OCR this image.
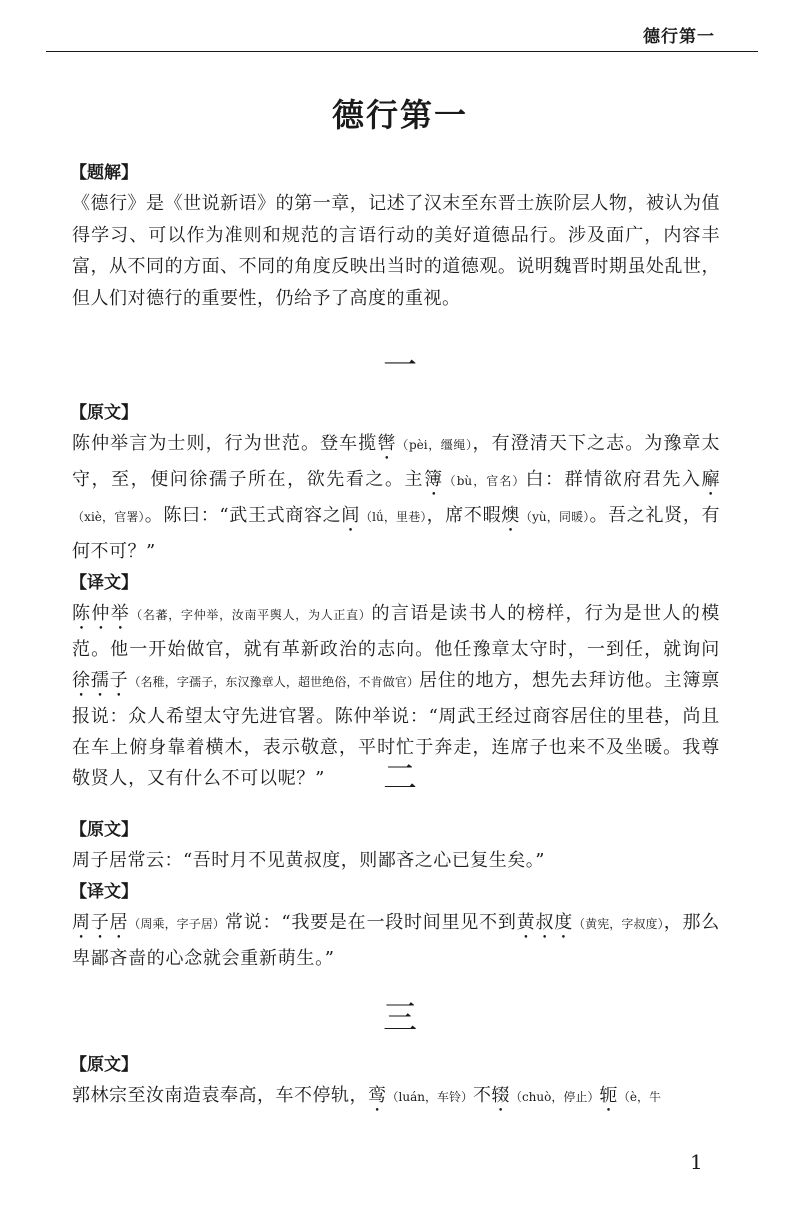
德行第一
德行第一
【题解】
《德行》是《世说新语》的第一章，记述了汉末至东晋士族阶层人物，被认为值得学习、可以作为准则和规范的言语行动的美好道德品行。涉及面广，内容丰富，从不同的方面、不同的角度反映出当时的道德观。说明魏晋时期虽处乱世，但人们对德行的重要性，仍给予了高度的重视。
一
【原文】
陈仲举言为士则，行为世范。登车揽辔（pèi，缰绳），有澄清天下之志。为豫章太守，至，便问徐孺子所在，欲先看之。主簿（bù，官名）白：群情欲府君先入廨（xiè，官署）。陈曰：“武王式商容之闾（lǘ，里巷），席不暇燠（yù，同暖）。吾之礼贤，有何不可？”
【译文】
陈仲举（名蕃，字仲举，汝南平舆人，为人正直）的言语是读书人的榜样，行为是世人的模范。他一开始做官，就有革新政治的志向。他任豫章太守时，一到任，就询问徐孺子（名稚，字孺子，东汉豫章人，超世绝俗，不肯做官）居住的地方，想先去拜访他。主簿禀报说：众人希望太守先进官署。陈仲举说：“周武王经过商容居住的里巷，尚且在车上俯身靠着横木，表示敬意，平时忙于奔走，连席子也来不及坐暖。我尊敬贤人，又有什么不可以呢？”	二
【原文】
周子居常云：“吾时月不见黄叔度，则鄙吝之心已复生矣。”
【译文】
周子居（周乘，字子居）常说：“我要是在一段时间里见不到黄叔度（黄宪，字叔度），那么卑鄙吝啬的心念就会重新萌生。”
三
【原文】
郭林宗至汝南造袁奉高，车不停轨，鸾（luán，车铃）不辍（chuò，停止）轭（è，牛
1
